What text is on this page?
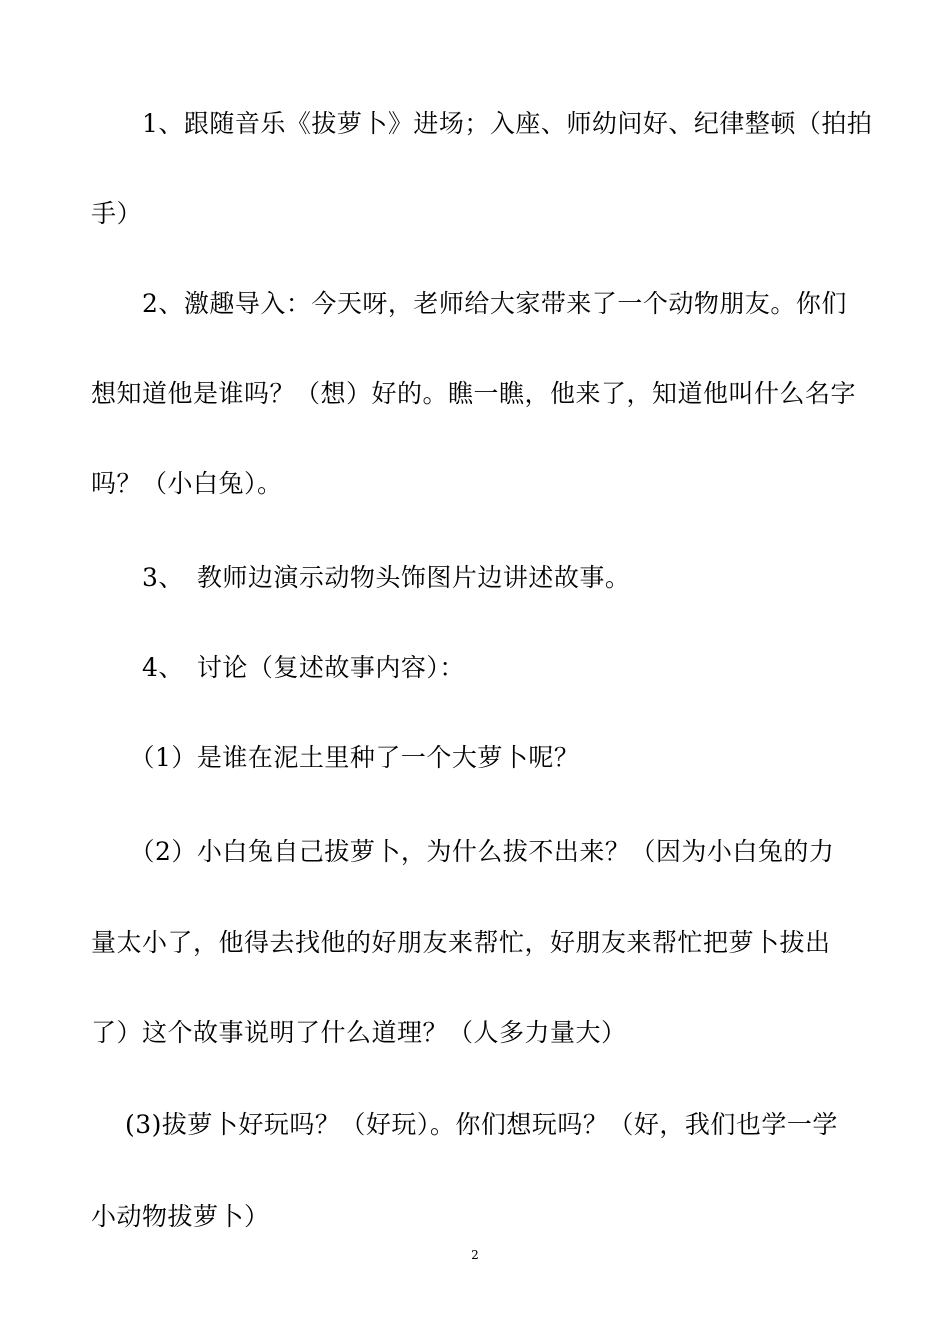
　　1、跟随音乐《拔萝卜》进场；入座、师幼问好、纪律整顿（拍拍
手）
　　2、激趣导入：今天呀，老师给大家带来了一个动物朋友。你们
想知道他是谁吗？（想）好的。瞧一瞧，他来了，知道他叫什么名字
吗？（小白兔）。
　　3、　教师边演示动物头饰图片边讲述故事。
　　4、　讨论（复述故事内容）：
　　（1）是谁在泥土里种了一个大萝卜呢？
　　（2）小白兔自己拔萝卜，为什么拔不出来？（因为小白兔的力
量太小了，他得去找他的好朋友来帮忙，好朋友来帮忙把萝卜拔出
了）这个故事说明了什么道理？（人多力量大）
　 (3)拔萝卜好玩吗？（好玩）。你们想玩吗？（好，我们也学一学
小动物拔萝卜）
2
